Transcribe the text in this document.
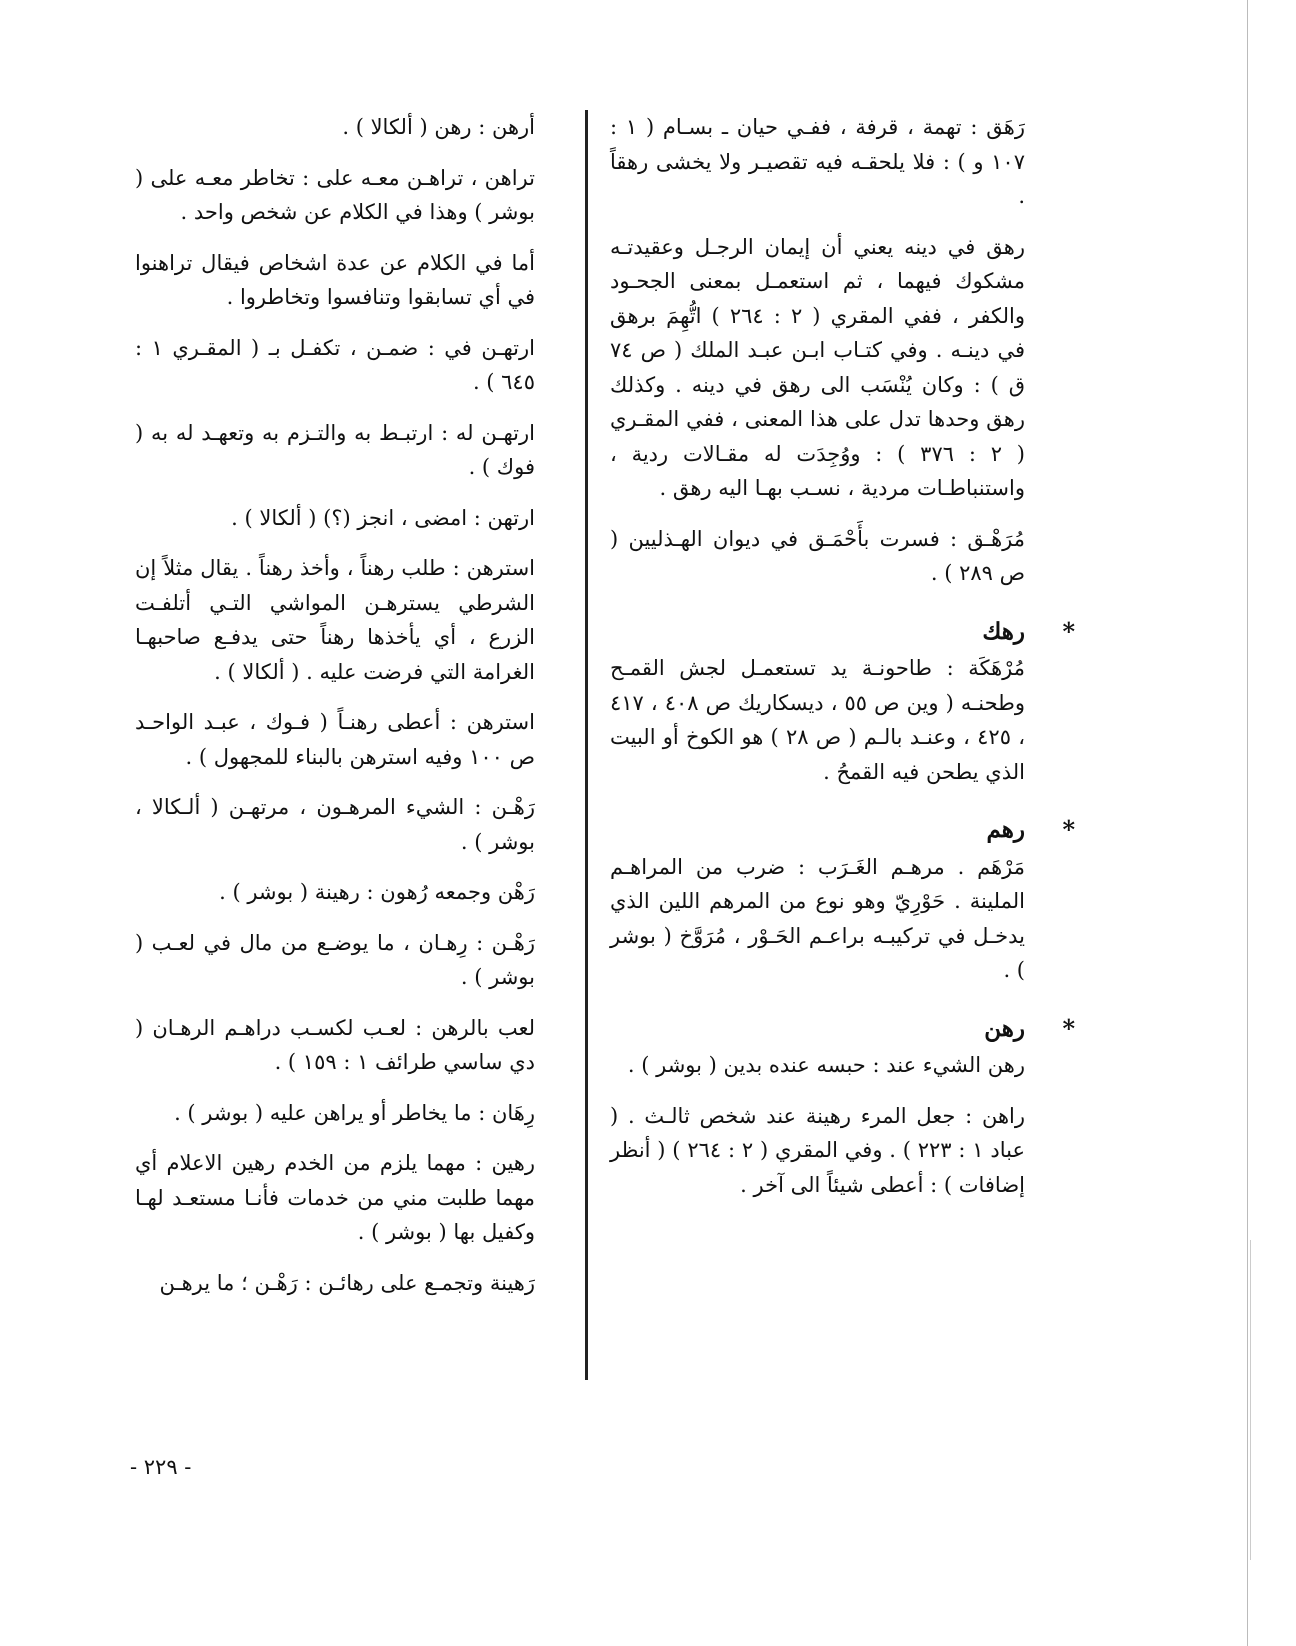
رَهَق : تهمة ، قرفة ، ففـي حيان ـ بسـام ( ١ : ١٠٧ و ) : فلا يلحقـه فيه تقصيـر ولا يخشى رهقاً .

رهق في دينه يعني أن إيمان الرجـل وعقيدتـه مشكوك فيهما ، ثم استعمـل بمعنى الجحـود والكفر ، ففي المقري ( ٢ : ٢٦٤ ) اتُّهِمَ برهق في دينـه . وفي كتـاب ابـن عبـد الملك ( ص ٧٤ ق ) : وكان يُنْسَب الى رهق في دينه . وكذلك رهق وحدها تدل على هذا المعنى ، ففي المقـري ( ٢ : ٣٧٦ ) : ووُجِدَت له مقـالات ردية ، واستنباطـات مردية ، نسـب بهـا اليه رهق .

مُرَهْـق : فسرت بأَحْمَـق في ديوان الهـذليين ( ص ٢٨٩ ) .

*
رهك

مُرْهَكَة : طاحونـة يد تستعمـل لجش القمـح وطحنـه ( وين ص ٥٥ ، ديسكاريك ص ٤٠٨ ، ٤١٧ ، ٤٢٥ ، وعنـد بالـم ( ص ٢٨ ) هو الكوخ أو البيت الذي يطحن فيه القمحُ .

*
رهم

مَرْهَم . مرهـم الغَـرَب : ضرب من المراهـم الملينة . حَوْرِيّ وهو نوع من المرهم اللين الذي يدخـل في تركيبـه براعـم الحَـوْر ، مُرَوَّخ ( بوشر ) .

*
رهن

رهن الشيء عند : حبسه عنده بدين ( بوشر ) .

راهن : جعل المرء رهينة عند شخص ثالـث . ( عباد ١ : ٢٢٣ ) . وفي المقري ( ٢ : ٢٦٤ ) ( أنظر إضافات ) : أعطى شيئاً الى آخر .

أرهن : رهن ( ألكالا ) .

تراهن ، تراهـن معـه على : تخاطر معـه على ( بوشر ) وهذا في الكلام عن شخص واحد .

أما في الكلام عن عدة اشخاص فيقال تراهنوا في أي تسابقوا وتنافسوا وتخاطروا .

ارتهـن في : ضمـن ، تكفـل بـ ( المقـري ١ : ٦٤٥ ) .

ارتهـن له : ارتبـط به والتـزم به وتعهـد له به ( فوك ) .

ارتهن : امضى ، انجز (؟) ( ألكالا ) .

استرهن : طلب رهناً ، وأخذ رهناً . يقال مثلاً إن الشرطي يسترهـن المواشي التـي أتلفـت الزرع ، أي يأخذها رهناً حتى يدفـع صاحبهـا الغرامة التي فرضت عليه . ( ألكالا ) .

استرهن : أعطى رهنـاً ( فـوك ، عبـد الواحـد ص ١٠٠ وفيه استرهن بالبناء للمجهول ) .

رَهْـن : الشيء المرهـون ، مرتهـن ( ألـكالا ، بوشر ) .

رَهْن وجمعه رُهون : رهينة ( بوشر ) .

رَهْـن : رِهـان ، ما يوضـع من مال في لعـب ( بوشر ) .

لعب بالرهن : لعـب لكسـب دراهـم الرهـان ( دي ساسي طرائف ١ : ١٥٩ ) .

رِهَان : ما يخاطر أو يراهن عليه ( بوشر ) .

رهين : مهما يلزم من الخدم رهين الاعلام أي مهما طلبت مني من خدمات فأنـا مستعـد لهـا وكفيل بها ( بوشر ) .

رَهينة وتجمـع على رهائـن : رَهْـن ؛ ما يرهـن

- ٢٢٩ -
